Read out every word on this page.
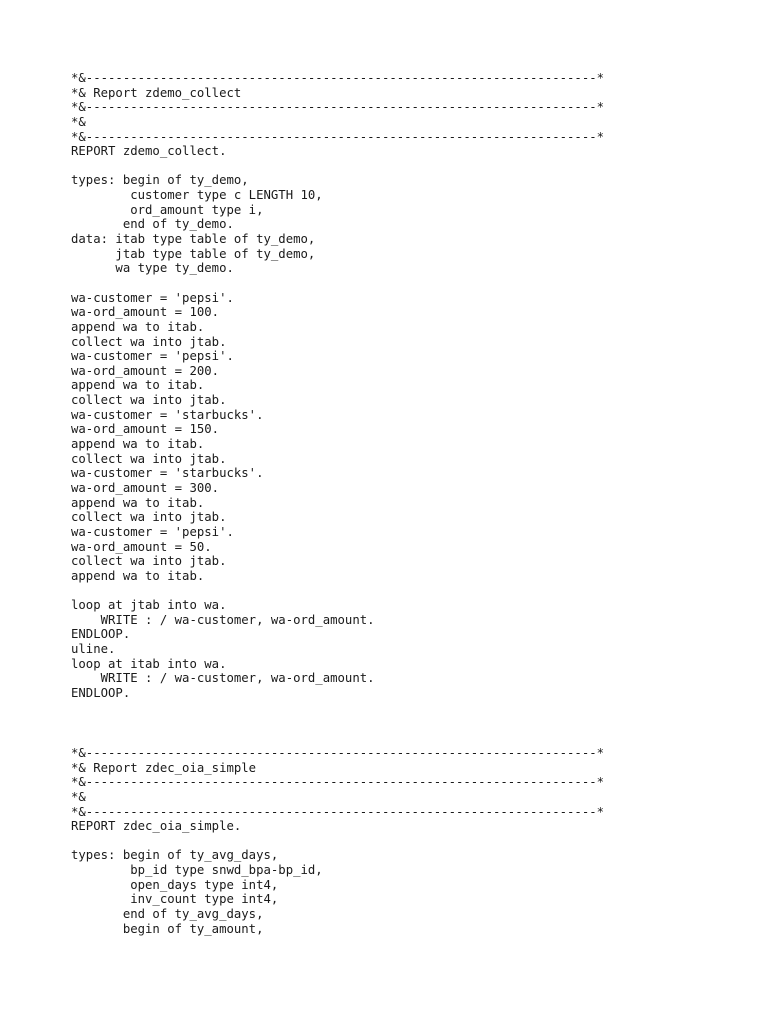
*&---------------------------------------------------------------------*
*& Report zdemo_collect
*&---------------------------------------------------------------------*
*&
*&---------------------------------------------------------------------*
REPORT zdemo_collect.
types: begin of ty_demo,
customer type c LENGTH 10,
ord_amount type i,
end of ty_demo.
data: itab type table of ty_demo,
jtab type table of ty_demo,
wa type ty_demo.
wa-customer = 'pepsi'.
wa-ord_amount = 100.
append wa to itab.
collect wa into jtab.
wa-customer = 'pepsi'.
wa-ord_amount = 200.
append wa to itab.
collect wa into jtab.
wa-customer = 'starbucks'.
wa-ord_amount = 150.
append wa to itab.
collect wa into jtab.
wa-customer = 'starbucks'.
wa-ord_amount = 300.
append wa to itab.
collect wa into jtab.
wa-customer = 'pepsi'.
wa-ord_amount = 50.
collect wa into jtab.
append wa to itab.
loop at jtab into wa.
WRITE : / wa-customer, wa-ord_amount.
ENDLOOP.
uline.
loop at itab into wa.
WRITE : / wa-customer, wa-ord_amount.
ENDLOOP.
*&---------------------------------------------------------------------*
*& Report zdec_oia_simple
*&---------------------------------------------------------------------*
*&
*&---------------------------------------------------------------------*
REPORT zdec_oia_simple.
types: begin of ty_avg_days,
bp_id type snwd_bpa-bp_id,
open_days type int4,
inv_count type int4,
end of ty_avg_days,
begin of ty_amount,
